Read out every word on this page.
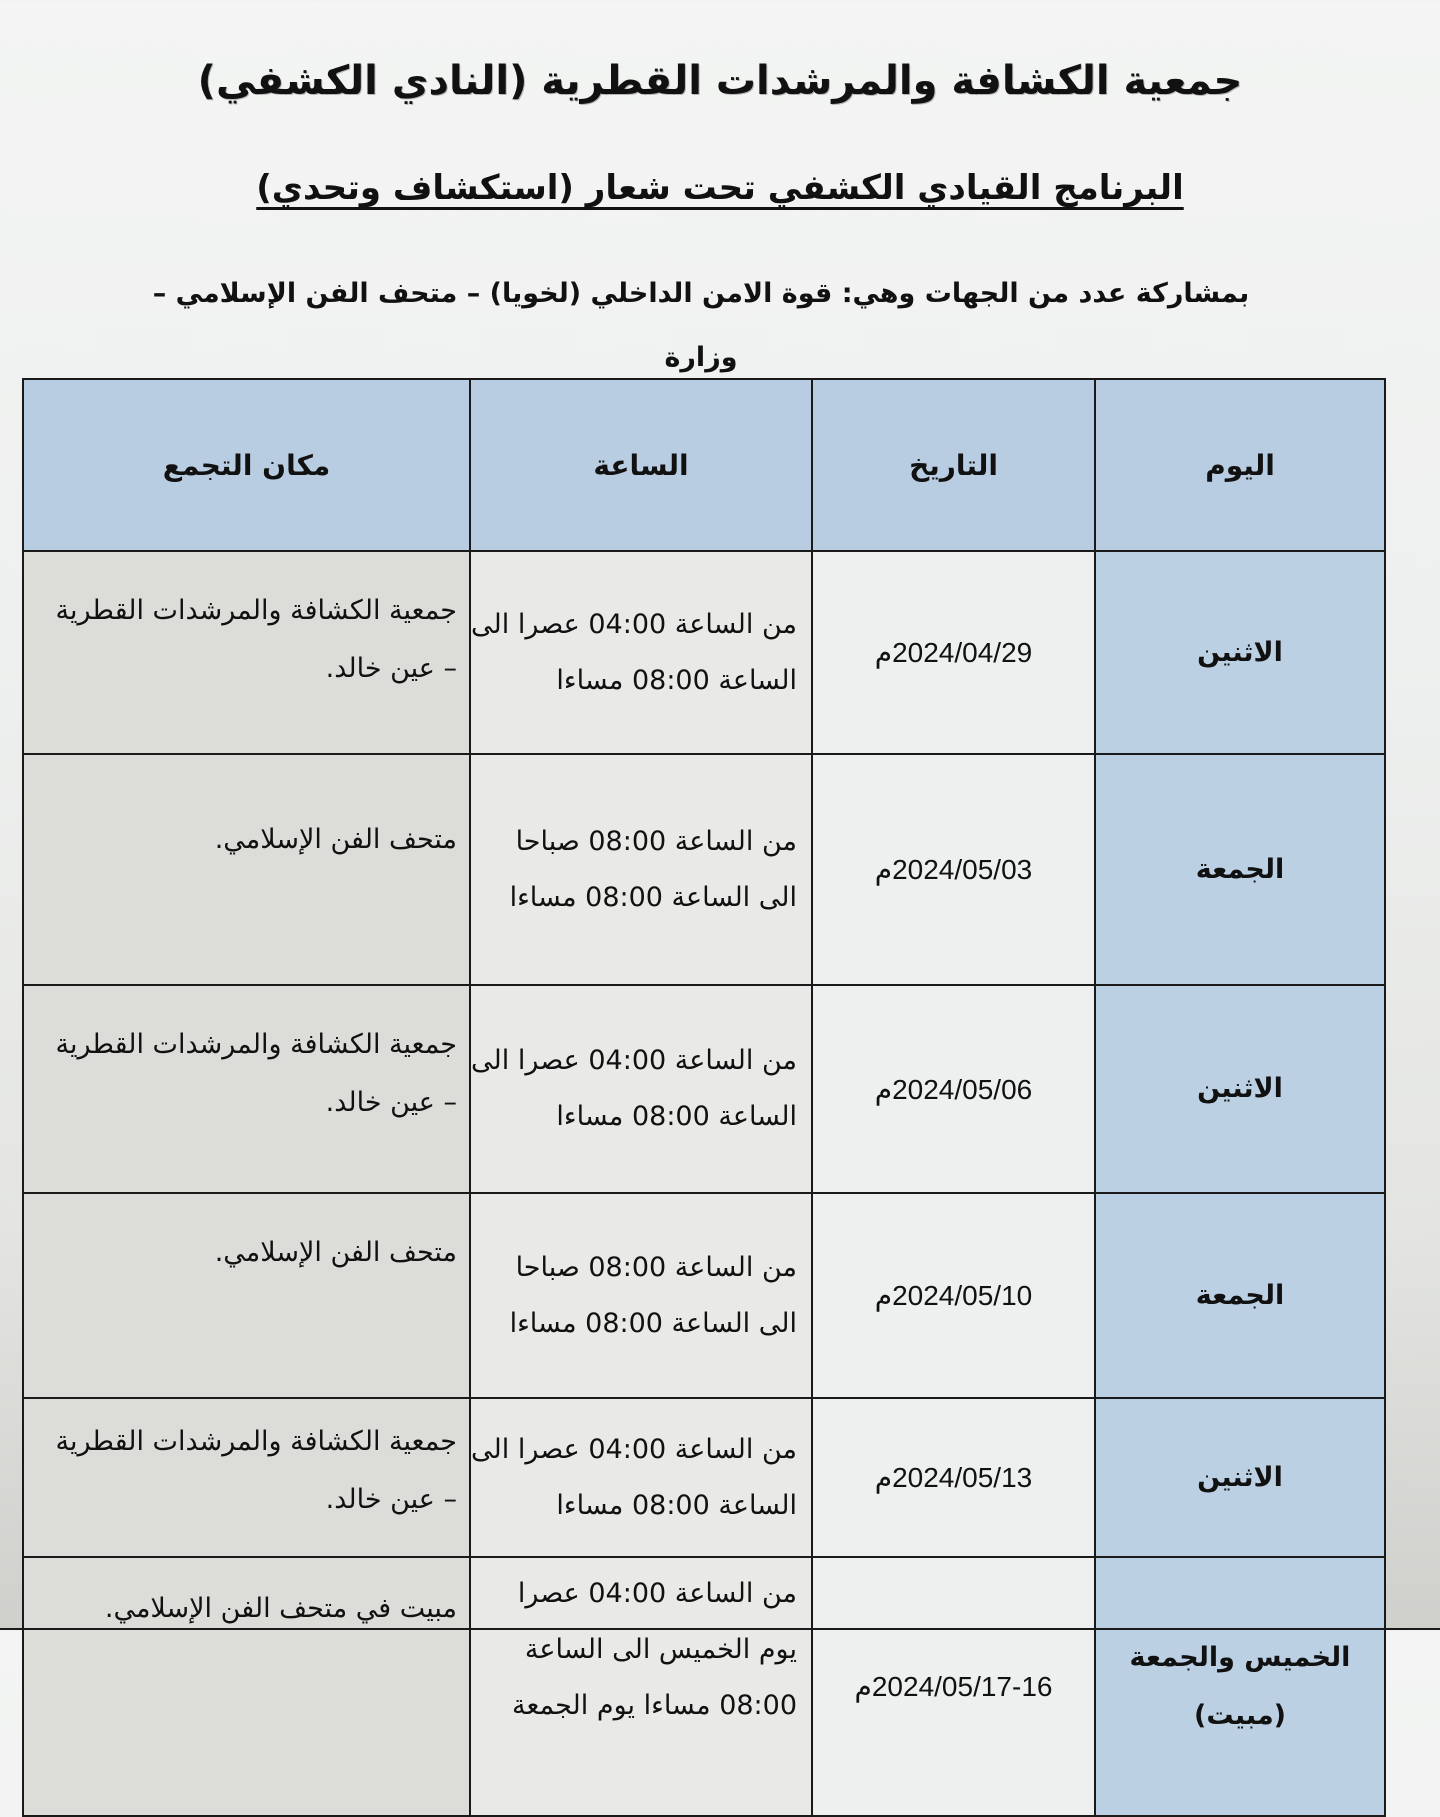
جمعية الكشافة والمرشدات القطرية (النادي الكشفي)
البرنامج القيادي الكشفي تحت شعار (استكشاف وتحدي)
بمشاركة عدد من الجهات وهي: قوة الامن الداخلي (لخويا) – متحف الفن الإسلامي – وزارة
اليوم	التاريخ	الساعة	مكان التجمع

الاثنين	2024/04/29م	من الساعة 04:00 عصرا الى
الساعة 08:00 مساءا	جمعية الكشافة والمرشدات القطرية
– عين خالد.

الجمعة	2024/05/03م	من الساعة 08:00 صباحا
الى الساعة 08:00 مساءا	متحف الفن الإسلامي.

الاثنين	2024/05/06م	من الساعة 04:00 عصرا الى
الساعة 08:00 مساءا	جمعية الكشافة والمرشدات القطرية
– عين خالد.

الجمعة	2024/05/10م	من الساعة 08:00 صباحا
الى الساعة 08:00 مساءا	متحف الفن الإسلامي.

الاثنين	2024/05/13م	من الساعة 04:00 عصرا الى
الساعة 08:00 مساءا	جمعية الكشافة والمرشدات القطرية
– عين خالد.

الخميس والجمعة
(مبيت)	2024/05/17-16م	من الساعة 04:00 عصرا
يوم الخميس الى الساعة
08:00 مساءا يوم الجمعة	مبيت في متحف الفن الإسلامي.
